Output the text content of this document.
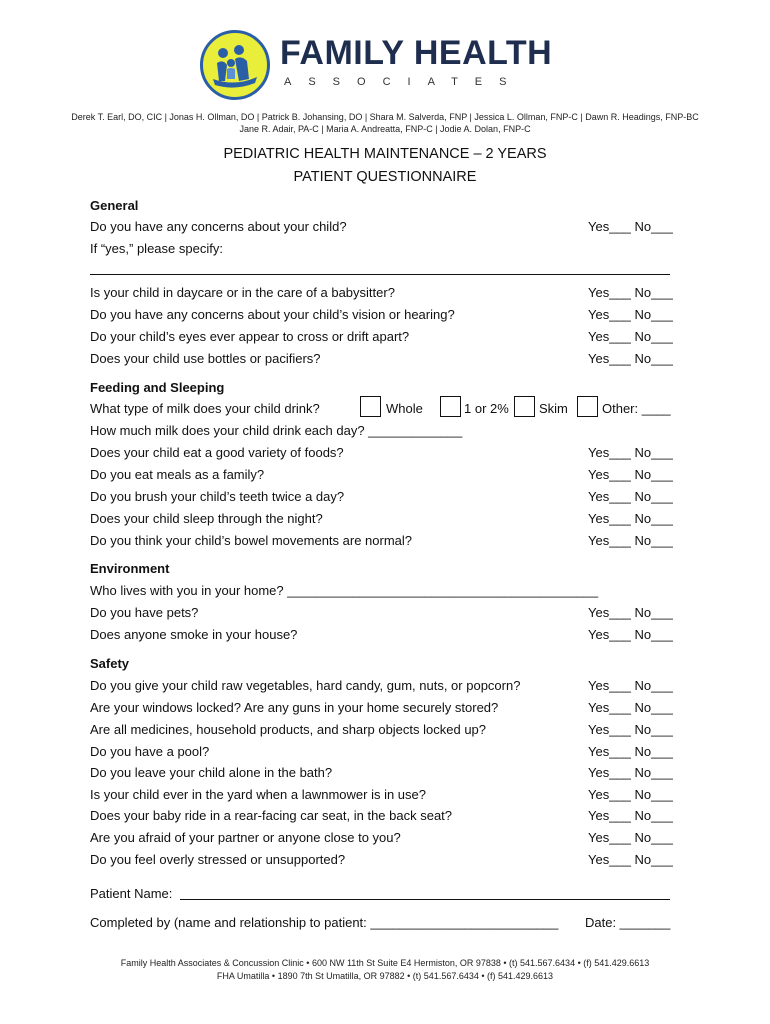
FAMILY HEALTH
ASSOCIATES
Derek T. Earl, DO, CIC | Jonas H. Ollman, DO | Patrick B. Johansing, DO | Shara M. Salverda, FNP | Jessica L. Ollman, FNP-C | Dawn R. Headings, FNP-BC
Jane R. Adair, PA-C | Maria A. Andreatta, FNP-C | Jodie A. Dolan, FNP-C
PEDIATRIC HEALTH MAINTENANCE – 2 YEARS
PATIENT QUESTIONNAIRE
General
Do you have any concerns about your child?	Yes___ No___
If “yes,” please specify:
Is your child in daycare or in the care of a babysitter?	Yes___ No___
Do you have any concerns about your child’s vision or hearing?	Yes___ No___
Do your child’s eyes ever appear to cross or drift apart?	Yes___ No___
Does your child use bottles or pacifiers?	Yes___ No___
Feeding and Sleeping
What type of milk does your child drink?	Whole	1 or 2% Skim	Other: ____
How much milk does your child drink each day? _____________
Does your child eat a good variety of foods?	Yes___ No___
Do you eat meals as a family?	Yes___ No___
Do you brush your child’s teeth twice a day?	Yes___ No___
Does your child sleep through the night?	Yes___ No___
Do you think your child’s bowel movements are normal?	Yes___ No___
Environment
Who lives with you in your home? ___________________________________________
Do you have pets?	Yes___ No___
Does anyone smoke in your house?	Yes___ No___
Safety
Do you give your child raw vegetables, hard candy, gum, nuts, or popcorn?	Yes___ No___
Are your windows locked? Are any guns in your home securely stored?	Yes___ No___
Are all medicines, household products, and sharp objects locked up?	Yes___ No___
Do you have a pool?	Yes___ No___
Do you leave your child alone in the bath?	Yes___ No___
Is your child ever in the yard when a lawnmower is in use?	Yes___ No___
Does your baby ride in a rear-facing car seat, in the back seat?	Yes___ No___
Are you afraid of your partner or anyone close to you?	Yes___ No___
Do you feel overly stressed or unsupported?	Yes___ No___
Patient Name:
Completed by (name and relationship to patient: __________________________ Date: _______
Family Health Associates & Concussion Clinic • 600 NW 11th St Suite E4 Hermiston, OR 97838 • (t) 541.567.6434 • (f) 541.429.6613
FHA Umatilla • 1890 7th St Umatilla, OR 97882 • (t) 541.567.6434 • (f) 541.429.6613
